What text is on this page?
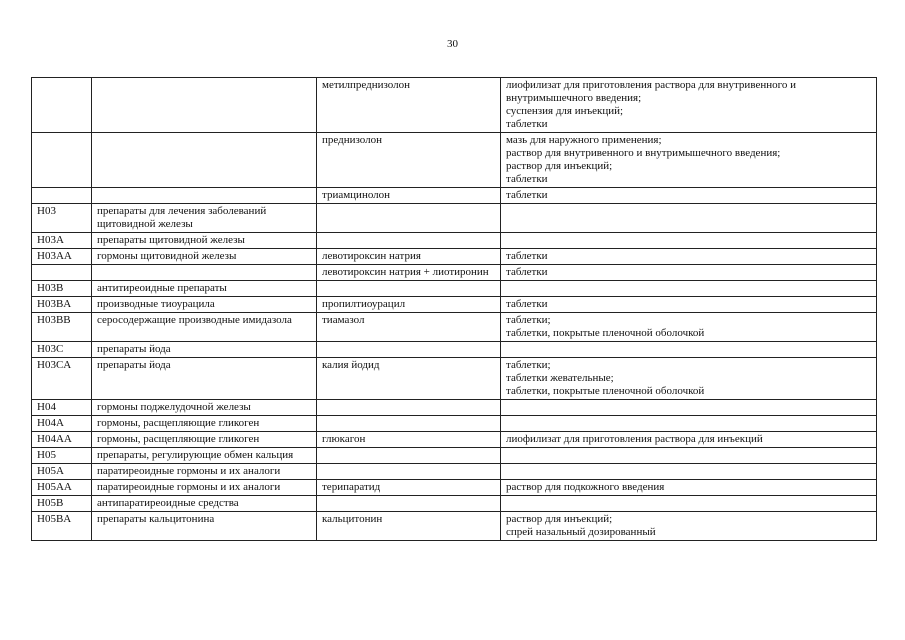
30

		метилпреднизолон	лиофилизат для приготовления раствора для внутривенного и
внутримышечного введения;
суспензия для инъекций;
таблетки

		преднизолон	мазь для наружного применения;
раствор для внутривенного и внутримышечного введения;
раствор для инъекций;
таблетки

		триамцинолон	таблетки

H03	препараты для лечения заболеваний щитовидной железы		

H03A	препараты щитовидной железы		

H03AA	гормоны щитовидной железы	левотироксин натрия	таблетки

		левотироксин натрия + лиотиронин	таблетки

H03B	антитиреоидные препараты		

H03BA	производные тиоурацила	пропилтиоурацил	таблетки

H03BB	серосодержащие производные имидазола	тиамазол	таблетки;
таблетки, покрытые пленочной оболочкой

H03C	препараты йода		

H03CA	препараты йода	калия йодид	таблетки;
таблетки жевательные;
таблетки, покрытые пленочной оболочкой

H04	гормоны поджелудочной железы		

H04A	гормоны, расщепляющие гликоген		

H04AA	гормоны, расщепляющие гликоген	глюкагон	лиофилизат для приготовления раствора для инъекций

H05	препараты, регулирующие обмен кальция		

H05A	паратиреоидные гормоны и их аналоги		

H05AA	паратиреоидные гормоны и их аналоги	терипаратид	раствор для подкожного введения

H05B	антипаратиреоидные средства		

H05BA	препараты кальцитонина	кальцитонин	раствор для инъекций;
спрей назальный дозированный
